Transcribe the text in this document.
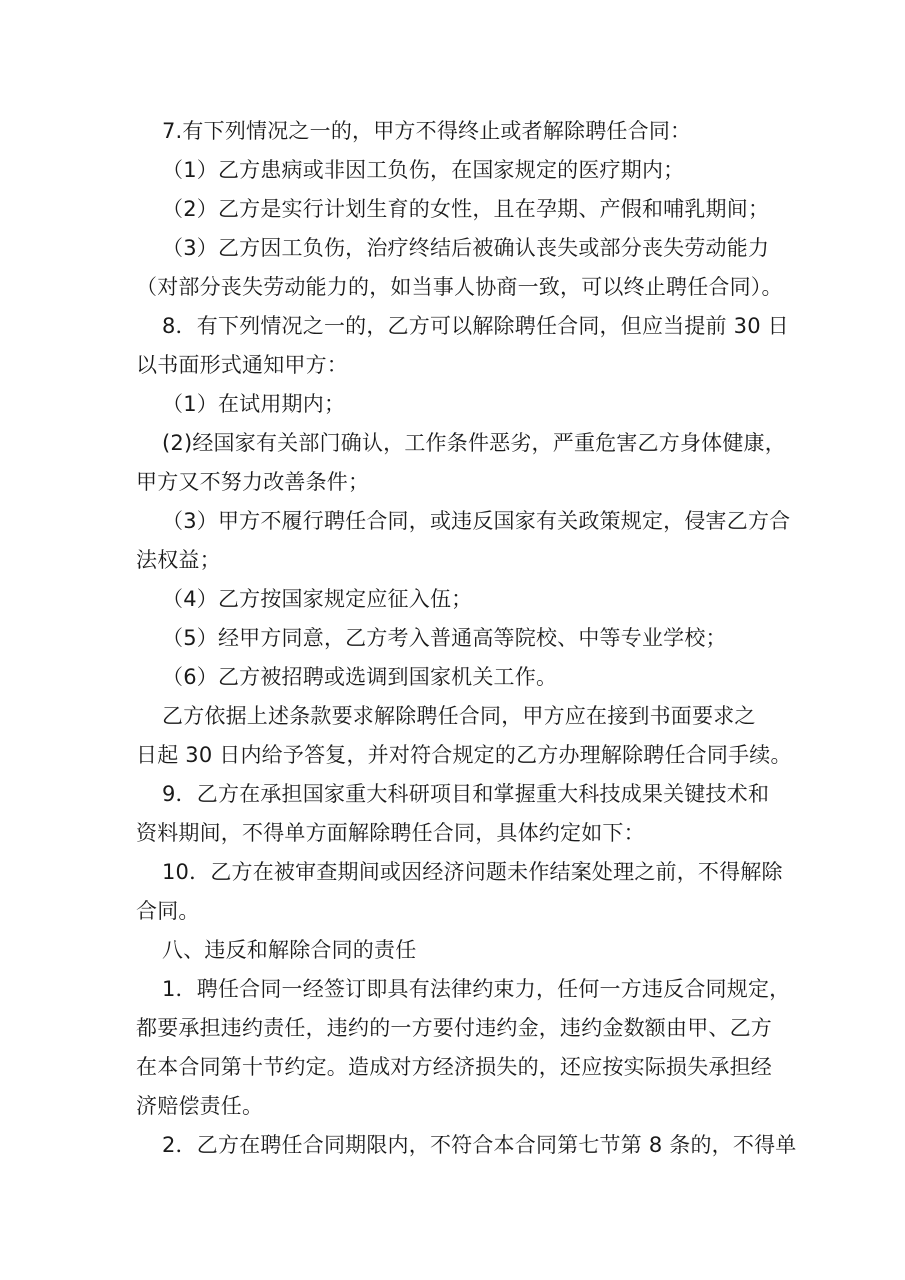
7.有下列情况之一的，甲方不得终止或者解除聘任合同：
（1）乙方患病或非因工负伤，在国家规定的医疗期内；
（2）乙方是实行计划生育的女性，且在孕期、产假和哺乳期间；
（3）乙方因工负伤，治疗终结后被确认丧失或部分丧失劳动能力
（对部分丧失劳动能力的，如当事人协商一致，可以终止聘任合同）。
8．有下列情况之一的，乙方可以解除聘任合同，但应当提前 30 日
以书面形式通知甲方：
（1）在试用期内；
(2)经国家有关部门确认，工作条件恶劣，严重危害乙方身体健康，
甲方又不努力改善条件；
（3）甲方不履行聘任合同，或违反国家有关政策规定，侵害乙方合
法权益；
（4）乙方按国家规定应征入伍；
（5）经甲方同意，乙方考入普通高等院校、中等专业学校；
（6）乙方被招聘或选调到国家机关工作。
乙方依据上述条款要求解除聘任合同，甲方应在接到书面要求之
日起 30 日内给予答复，并对符合规定的乙方办理解除聘任合同手续。
9．乙方在承担国家重大科研项目和掌握重大科技成果关键技术和
资料期间，不得单方面解除聘任合同，具体约定如下：
10．乙方在被审查期间或因经济问题未作结案处理之前，不得解除
合同。
八、违反和解除合同的责任
1．聘任合同一经签订即具有法律约束力，任何一方违反合同规定，
都要承担违约责任，违约的一方要付违约金，违约金数额由甲、乙方
在本合同第十节约定。造成对方经济损失的，还应按实际损失承担经
济赔偿责任。
2．乙方在聘任合同期限内，不符合本合同第七节第 8 条的，不得单
